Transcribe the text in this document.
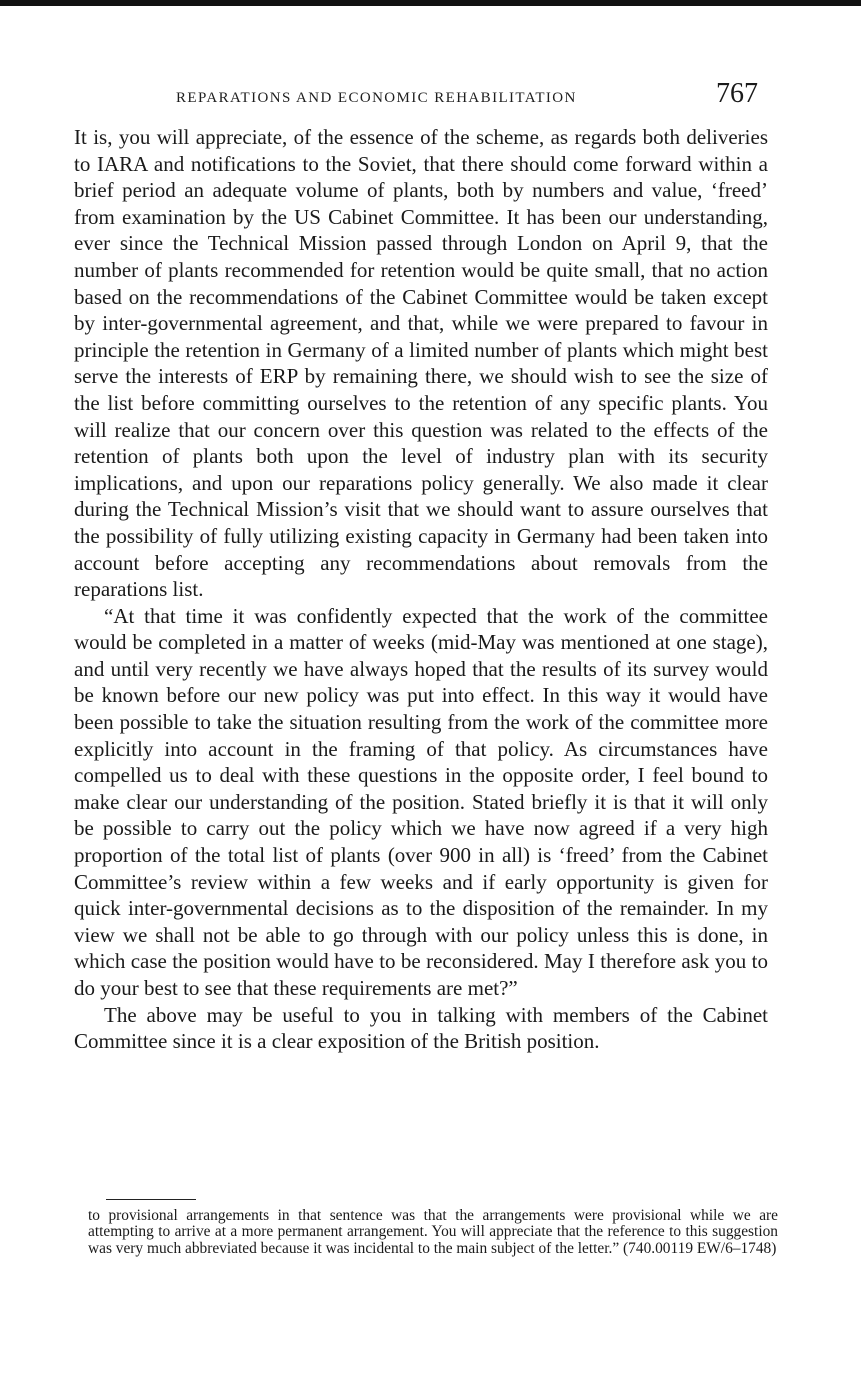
REPARATIONS AND ECONOMIC REHABILITATION	767

It is, you will appreciate, of the essence of the scheme, as regards both deliveries to IARA and notifications to the Soviet, that there should come forward within a brief period an adequate volume of plants, both by numbers and value, ‘freed’ from examination by the US Cabinet Committee. It has been our understanding, ever since the Technical Mission passed through London on April 9, that the number of plants recommended for retention would be quite small, that no action based on the recommendations of the Cabinet Committee would be taken except by inter-governmental agreement, and that, while we were prepared to favour in principle the retention in Germany of a limited number of plants which might best serve the interests of ERP by remaining there, we should wish to see the size of the list before committing ourselves to the retention of any specific plants. You will realize that our concern over this question was related to the effects of the retention of plants both upon the level of industry plan with its security implications, and upon our reparations policy generally. We also made it clear during the Technical Mission’s visit that we should want to assure ourselves that the possibility of fully utilizing existing capacity in Germany had been taken into account before accepting any recommendations about removals from the reparations list.

“At that time it was confidently expected that the work of the committee would be completed in a matter of weeks (mid-May was mentioned at one stage), and until very recently we have always hoped that the results of its survey would be known before our new policy was put into effect. In this way it would have been possible to take the situation resulting from the work of the committee more explicitly into account in the framing of that policy. As circumstances have compelled us to deal with these questions in the opposite order, I feel bound to make clear our understanding of the position. Stated briefly it is that it will only be possible to carry out the policy which we have now agreed if a very high proportion of the total list of plants (over 900 in all) is ‘freed’ from the Cabinet Committee’s review within a few weeks and if early opportunity is given for quick inter-governmental decisions as to the disposition of the remainder. In my view we shall not be able to go through with our policy unless this is done, in which case the position would have to be reconsidered. May I therefore ask you to do your best to see that these requirements are met?”

The above may be useful to you in talking with members of the Cabinet Committee since it is a clear exposition of the British position.

to provisional arrangements in that sentence was that the arrangements were provisional while we are attempting to arrive at a more permanent arrangement. You will appreciate that the reference to this suggestion was very much abbreviated because it was incidental to the main subject of the letter.” (740.00119 EW/6–1748)
